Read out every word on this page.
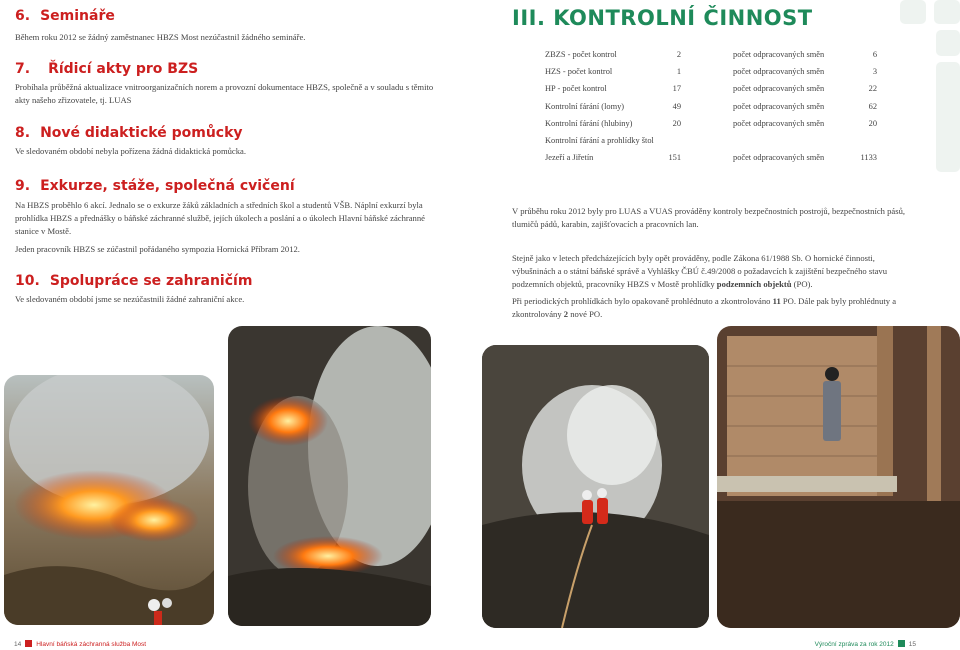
6. Semináře

Během roku 2012 se žádný zaměstnanec HBZS Most nezúčastnil žádného semináře.

7. Řídicí akty pro BZS

Probíhala průběžná aktualizace vnitroorganizačních norem a provozní dokumentace HBZS, společně a v souladu s těmito akty našeho zřizovatele, tj. LUAS

8. Nové didaktické pomůcky

Ve sledovaném období nebyla pořízena žádná didaktická pomůcka.

9. Exkurze, stáže, společná cvičení

Na HBZS proběhlo 6 akcí. Jednalo se o exkurze žáků základních a středních škol a studentů VŠB. Náplní exkurzí byla prohlídka HBZS a přednášky o báňské záchranné službě, jejích úkolech a poslání a o úkolech Hlavní báňské záchranné stanice v Mostě.

Jeden pracovník HBZS se zúčastnil pořádaného sympozia Hornická Příbram 2012.

10. Spolupráce se zahraničím

Ve sledovaném období jsme se nezúčastnili žádné zahraniční akce.

III. KONTROLNÍ ČINNOST
ZBZS - počet kontrol	2	počet odpracovaných směn	6
HZS - počet kontrol	1	počet odpracovaných směn	3
HP - počet kontrol	17	počet odpracovaných směn	22
Kontrolní fárání (lomy)	49	počet odpracovaných směn	62
Kontrolní fárání (hlubiny)	20	počet odpracovaných směn	20
Kontrolní fárání a prohlídky štol
Jezeří a Jiřetín	151	počet odpracovaných směn	1133

V průběhu roku 2012 byly pro LUAS a VUAS prováděny kontroly bezpečnostních postrojů, bezpečnostních pásů, tlumičů pádů, karabin, zajišťovacích a pracovních lan.

Stejně jako v letech předcházejících byly opět prováděny, podle Zákona 61/1988 Sb. O hornické činnosti, výbušninách a o státní báňské správě a Vyhlášky ČBÚ č.49/2008 o požadavcích k zajištění bezpečného stavu podzemních objektů, pracovníky HBZS v Mostě prohlídky podzemních objektů (PO).

Při periodických prohlídkách bylo opakovaně prohlédnuto a zkontrolováno 11 PO. Dále pak byly prohlédnuty a zkontrolovány 2 nové PO.

14 Hlavní báňská záchranná služba Most	Výroční zpráva za rok 2012 15
